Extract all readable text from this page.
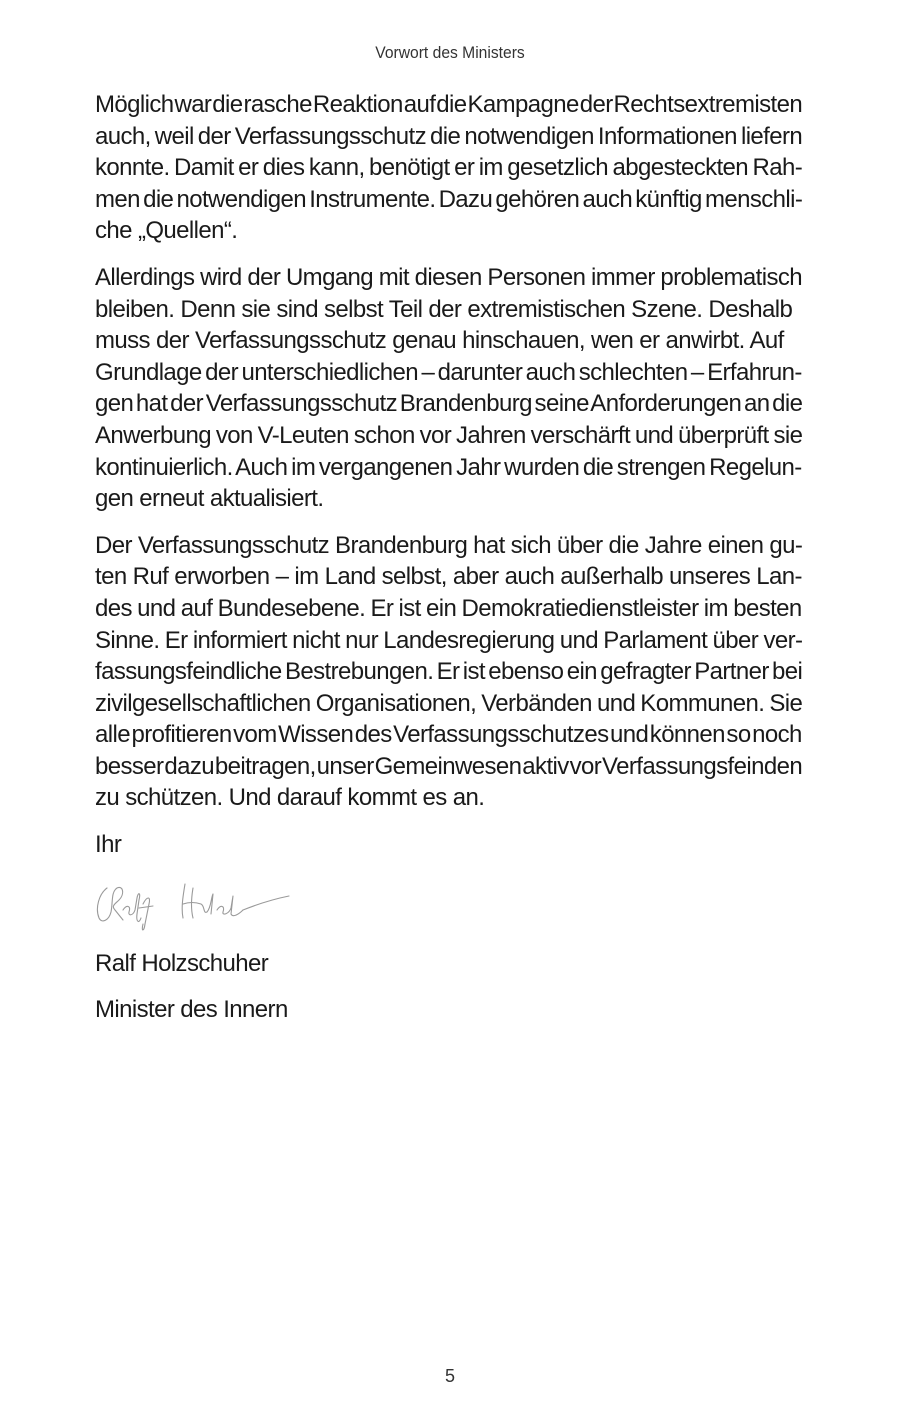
Vorwort des Ministers

Möglich war die rasche Reaktion auf die Kampagne der Rechtsextremisten
auch, weil der Verfassungsschutz die notwendigen Informationen liefern
konnte. Damit er dies kann, benötigt er im gesetzlich abgesteckten Rah-
men die notwendigen Instrumente. Dazu gehören auch künftig menschli-
che „Quellen“.

Allerdings wird der Umgang mit diesen Personen immer problematisch
bleiben. Denn sie sind selbst Teil der extremistischen Szene. Deshalb
muss der Verfassungsschutz genau hinschauen, wen er anwirbt. Auf
Grundlage der unterschiedlichen – darunter auch schlechten – Erfahrun-
gen hat der Verfassungsschutz Brandenburg seine Anforderungen an die
Anwerbung von V-Leuten schon vor Jahren verschärft und überprüft sie
kontinuierlich. Auch im vergangenen Jahr wurden die strengen Regelun-
gen erneut aktualisiert.

Der Verfassungsschutz Brandenburg hat sich über die Jahre einen gu-
ten Ruf erworben – im Land selbst, aber auch außerhalb unseres Lan-
des und auf Bundesebene. Er ist ein Demokratiedienstleister im besten
Sinne. Er informiert nicht nur Landesregierung und Parlament über ver-
fassungsfeindliche Bestrebungen. Er ist ebenso ein gefragter Partner bei
zivilgesellschaftlichen Organisationen, Verbänden und Kommunen. Sie
alle profitieren vom Wissen des Verfassungsschutzes und können so noch
besser dazu beitragen, unser Gemeinwesen aktiv vor Verfassungsfeinden
zu schützen. Und darauf kommt es an.

Ihr
Ralf Holzschuher
Minister des Innern
5
